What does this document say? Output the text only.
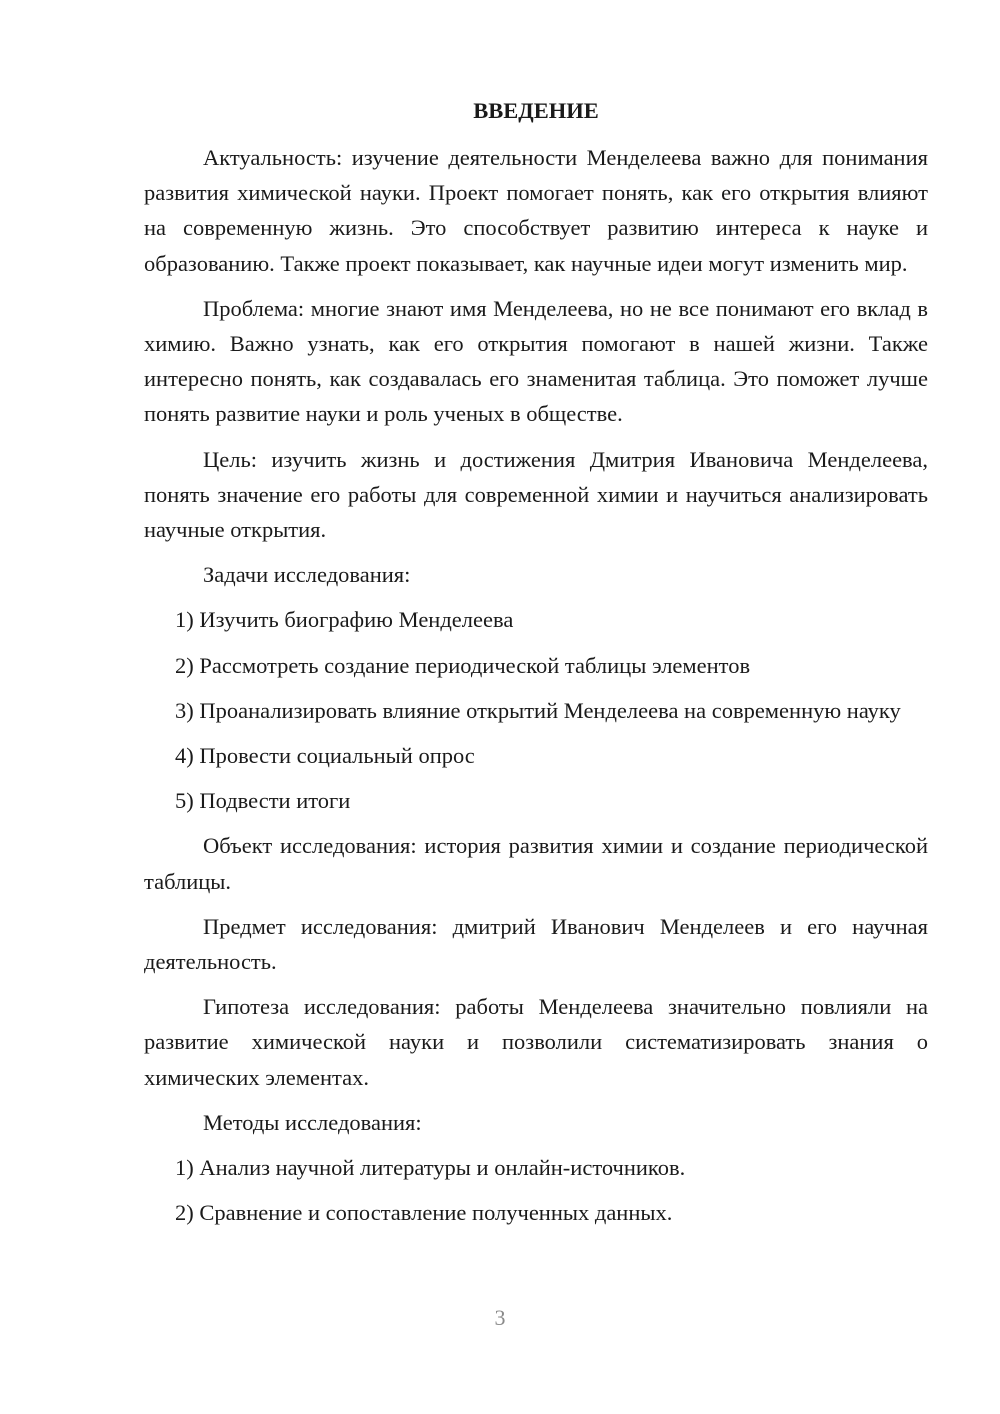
ВВЕДЕНИЕ

Актуальность: изучение деятельности Менделеева важно для понимания развития химической науки. Проект помогает понять, как его открытия влияют на современную жизнь. Это способствует развитию интереса к науке и образованию. Также проект показывает, как научные идеи могут изменить мир.

Проблема: многие знают имя Менделеева, но не все понимают его вклад в химию. Важно узнать, как его открытия помогают в нашей жизни. Также интересно понять, как создавалась его знаменитая таблица. Это поможет лучше понять развитие науки и роль ученых в обществе.

Цель: изучить жизнь и достижения Дмитрия Ивановича Менделеева, понять значение его работы для современной химии и научиться анализировать научные открытия.

Задачи исследования:

1) Изучить биографию Менделеева

2) Рассмотреть создание периодической таблицы элементов

3) Проанализировать влияние открытий Менделеева на современную науку

4) Провести социальный опрос

5) Подвести итоги

Объект исследования: история развития химии и создание периодической таблицы.

Предмет исследования: дмитрий Иванович Менделеев и его научная деятельность.

Гипотеза исследования: работы Менделеева значительно повлияли на развитие химической науки и позволили систематизировать знания о химических элементах.

Методы исследования:

1) Анализ научной литературы и онлайн-источников.

2) Сравнение и сопоставление полученных данных.

3
